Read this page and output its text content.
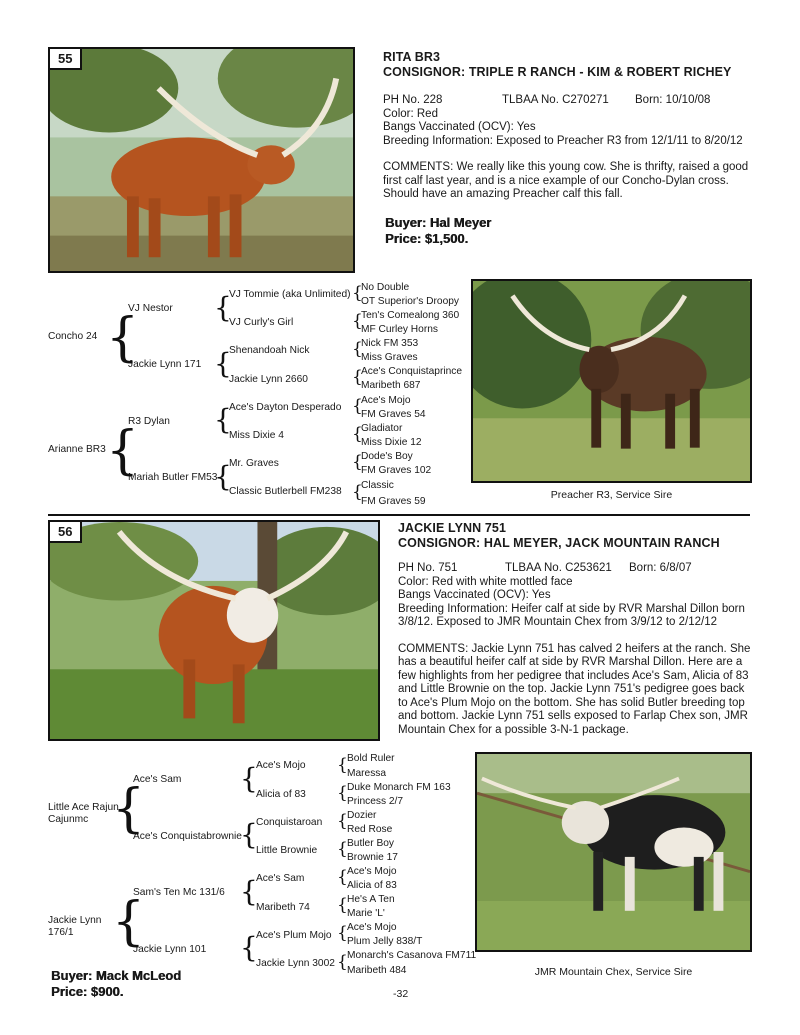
55	RITA BR3
CONSIGNOR: TRIPLE R RANCH - KIM & ROBERT RICHEY

PH No. 228	TLBAA No. C270271 Born: 10/10/08

Color: Red

Bangs Vaccinated (OCV): Yes

Breeding Information: Exposed to Preacher R3 from 12/1/11 to 8/20/12

COMMENTS: We really like this young cow. She is thrifty, raised a good first calf last year, and is a nice example of our Concho-Dylan cross. Should have an amazing Preacher calf this fall.

Buyer: Hal Meyer
Price: $1,500.
Concho 24
Arianne BR3
VJ Nestor
Jackie Lynn 171
R3 Dylan
Mariah Butler FM53
VJ Tommie (aka Unlimited)
VJ Curly's Girl
Shenandoah Nick
Jackie Lynn 2660
Ace's Dayton Desperado
Miss Dixie 4
Mr. Graves
Classic Butlerbell FM238
No Double
OT Superior's Droopy
Ten's Comealong 360
MF Curley Horns
Nick FM 353
Miss Graves
Ace's Conquistaprince
Maribeth 687
Ace's Mojo
FM Graves 54
Gladiator
Miss Dixie 12
Dode's Boy
FM Graves 102
Classic
FM Graves 59
{
{
{
{
{
{
{
{
{
{
{
{
{
{	Preacher R3, Service Sire
56	JACKIE LYNN 751
CONSIGNOR: HAL MEYER, JACK MOUNTAIN RANCH

PH No. 751	TLBAA No. C253621 Born: 6/8/07

Color: Red with white mottled face

Bangs Vaccinated (OCV): Yes

Breeding Information: Heifer calf at side by RVR Marshal Dillon born 3/8/12. Exposed to JMR Mountain Chex from 3/9/12 to 2/12/12

COMMENTS: Jackie Lynn 751 has calved 2 heifers at the ranch. She has a beautiful heifer calf at side by RVR Marshal Dillon. Here are a few highlights from her pedigree that includes Ace's Sam, Alicia of 83 and Little Brownie on the top. Jackie Lynn 751's pedigree goes back to Ace's Plum Mojo on the bottom. She has solid Butler breeding top and bottom. Jackie Lynn 751 sells exposed to Farlap Chex son, JMR Mountain Chex for a possible 3-N-1 package.

Little Ace Rajun Cajunmc
Jackie Lynn 176/1
Ace's Sam
Ace's Conquistabrownie
Sam's Ten Mc 131/6
Jackie Lynn 101
Ace's Mojo
Alicia of 83
Conquistaroan
Little Brownie
Ace's Sam
Maribeth 74
Ace's Plum Mojo
Jackie Lynn 3002
Bold Ruler
Maressa
Duke Monarch FM 163
Princess 2/7
Dozier
Red Rose
Butler Boy
Brownie 17
Ace's Mojo
Alicia of 83
He's A Ten
Marie 'L'
Ace's Mojo
Plum Jelly 838/T
Monarch's Casanova FM711
Maribeth 484
{
{
{
{
{
{
{
{
{
{
{
{
{
{	JMR Mountain Chex, Service Sire
Buyer: Mack McLeod
Price: $900.	-32
